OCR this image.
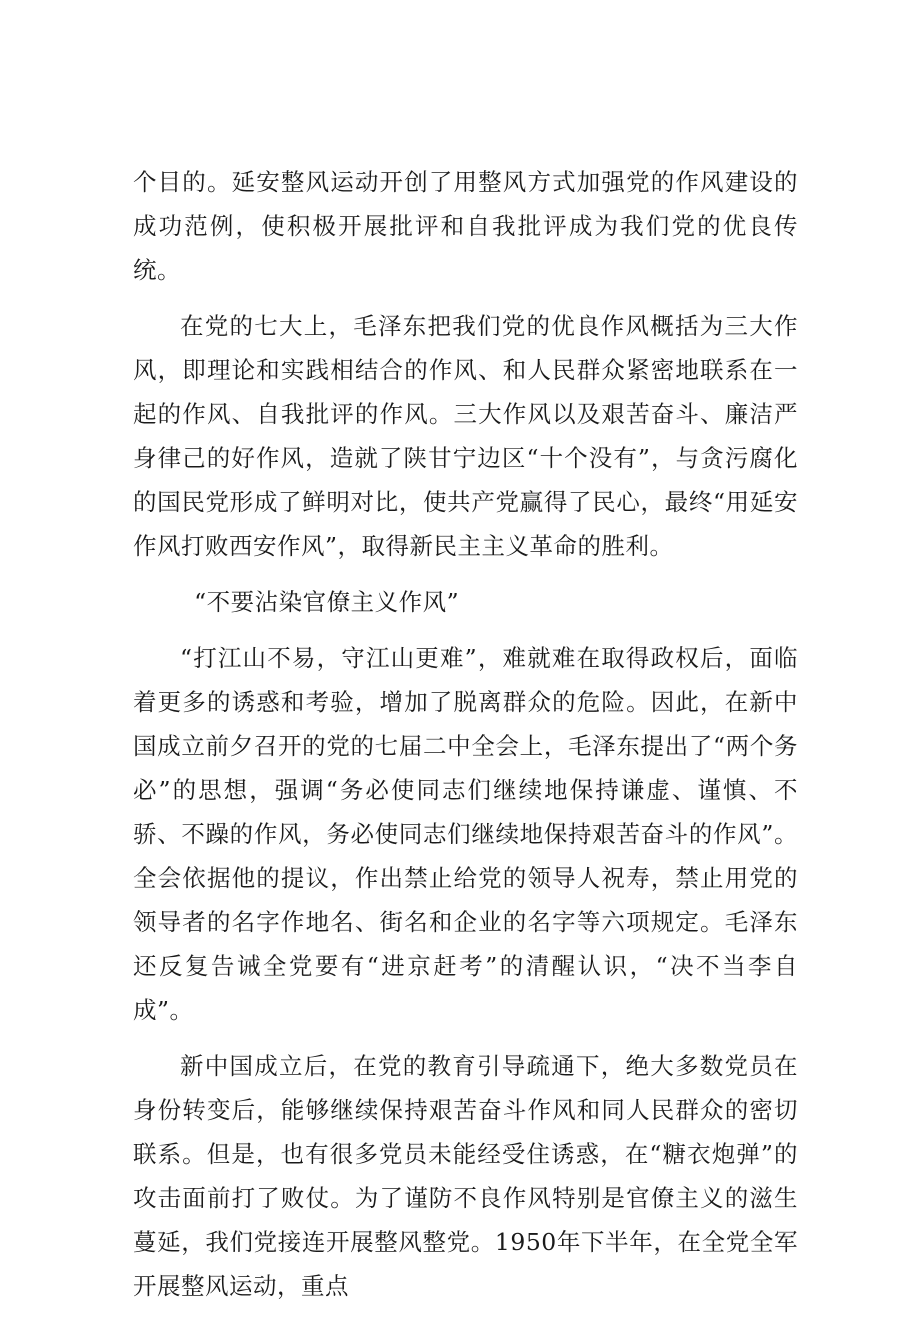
个目的。延安整风运动开创了用整风方式加强党的作风建设的成功范例，使积极开展批评和自我批评成为我们党的优良传统。

在党的七大上，毛泽东把我们党的优良作风概括为三大作风，即理论和实践相结合的作风、和人民群众紧密地联系在一起的作风、自我批评的作风。三大作风以及艰苦奋斗、廉洁严身律己的好作风，造就了陕甘宁边区“十个没有”，与贪污腐化的国民党形成了鲜明对比，使共产党赢得了民心，最终“用延安作风打败西安作风”，取得新民主主义革命的胜利。

“不要沾染官僚主义作风”

“打江山不易，守江山更难”，难就难在取得政权后，面临着更多的诱惑和考验，增加了脱离群众的危险。因此，在新中国成立前夕召开的党的七届二中全会上，毛泽东提出了“两个务必”的思想，强调“务必使同志们继续地保持谦虚、谨慎、不骄、不躁的作风，务必使同志们继续地保持艰苦奋斗的作风”。全会依据他的提议，作出禁止给党的领导人祝寿，禁止用党的领导者的名字作地名、街名和企业的名字等六项规定。毛泽东还反复告诫全党要有“进京赶考”的清醒认识，“决不当李自成”。

新中国成立后，在党的教育引导疏通下，绝大多数党员在身份转变后，能够继续保持艰苦奋斗作风和同人民群众的密切联系。但是，也有很多党员未能经受住诱惑，在“糖衣炮弹”的攻击面前打了败仗。为了谨防不良作风特别是官僚主义的滋生蔓延，我们党接连开展整风整党。1950年下半年，在全党全军开展整风运动，重点
